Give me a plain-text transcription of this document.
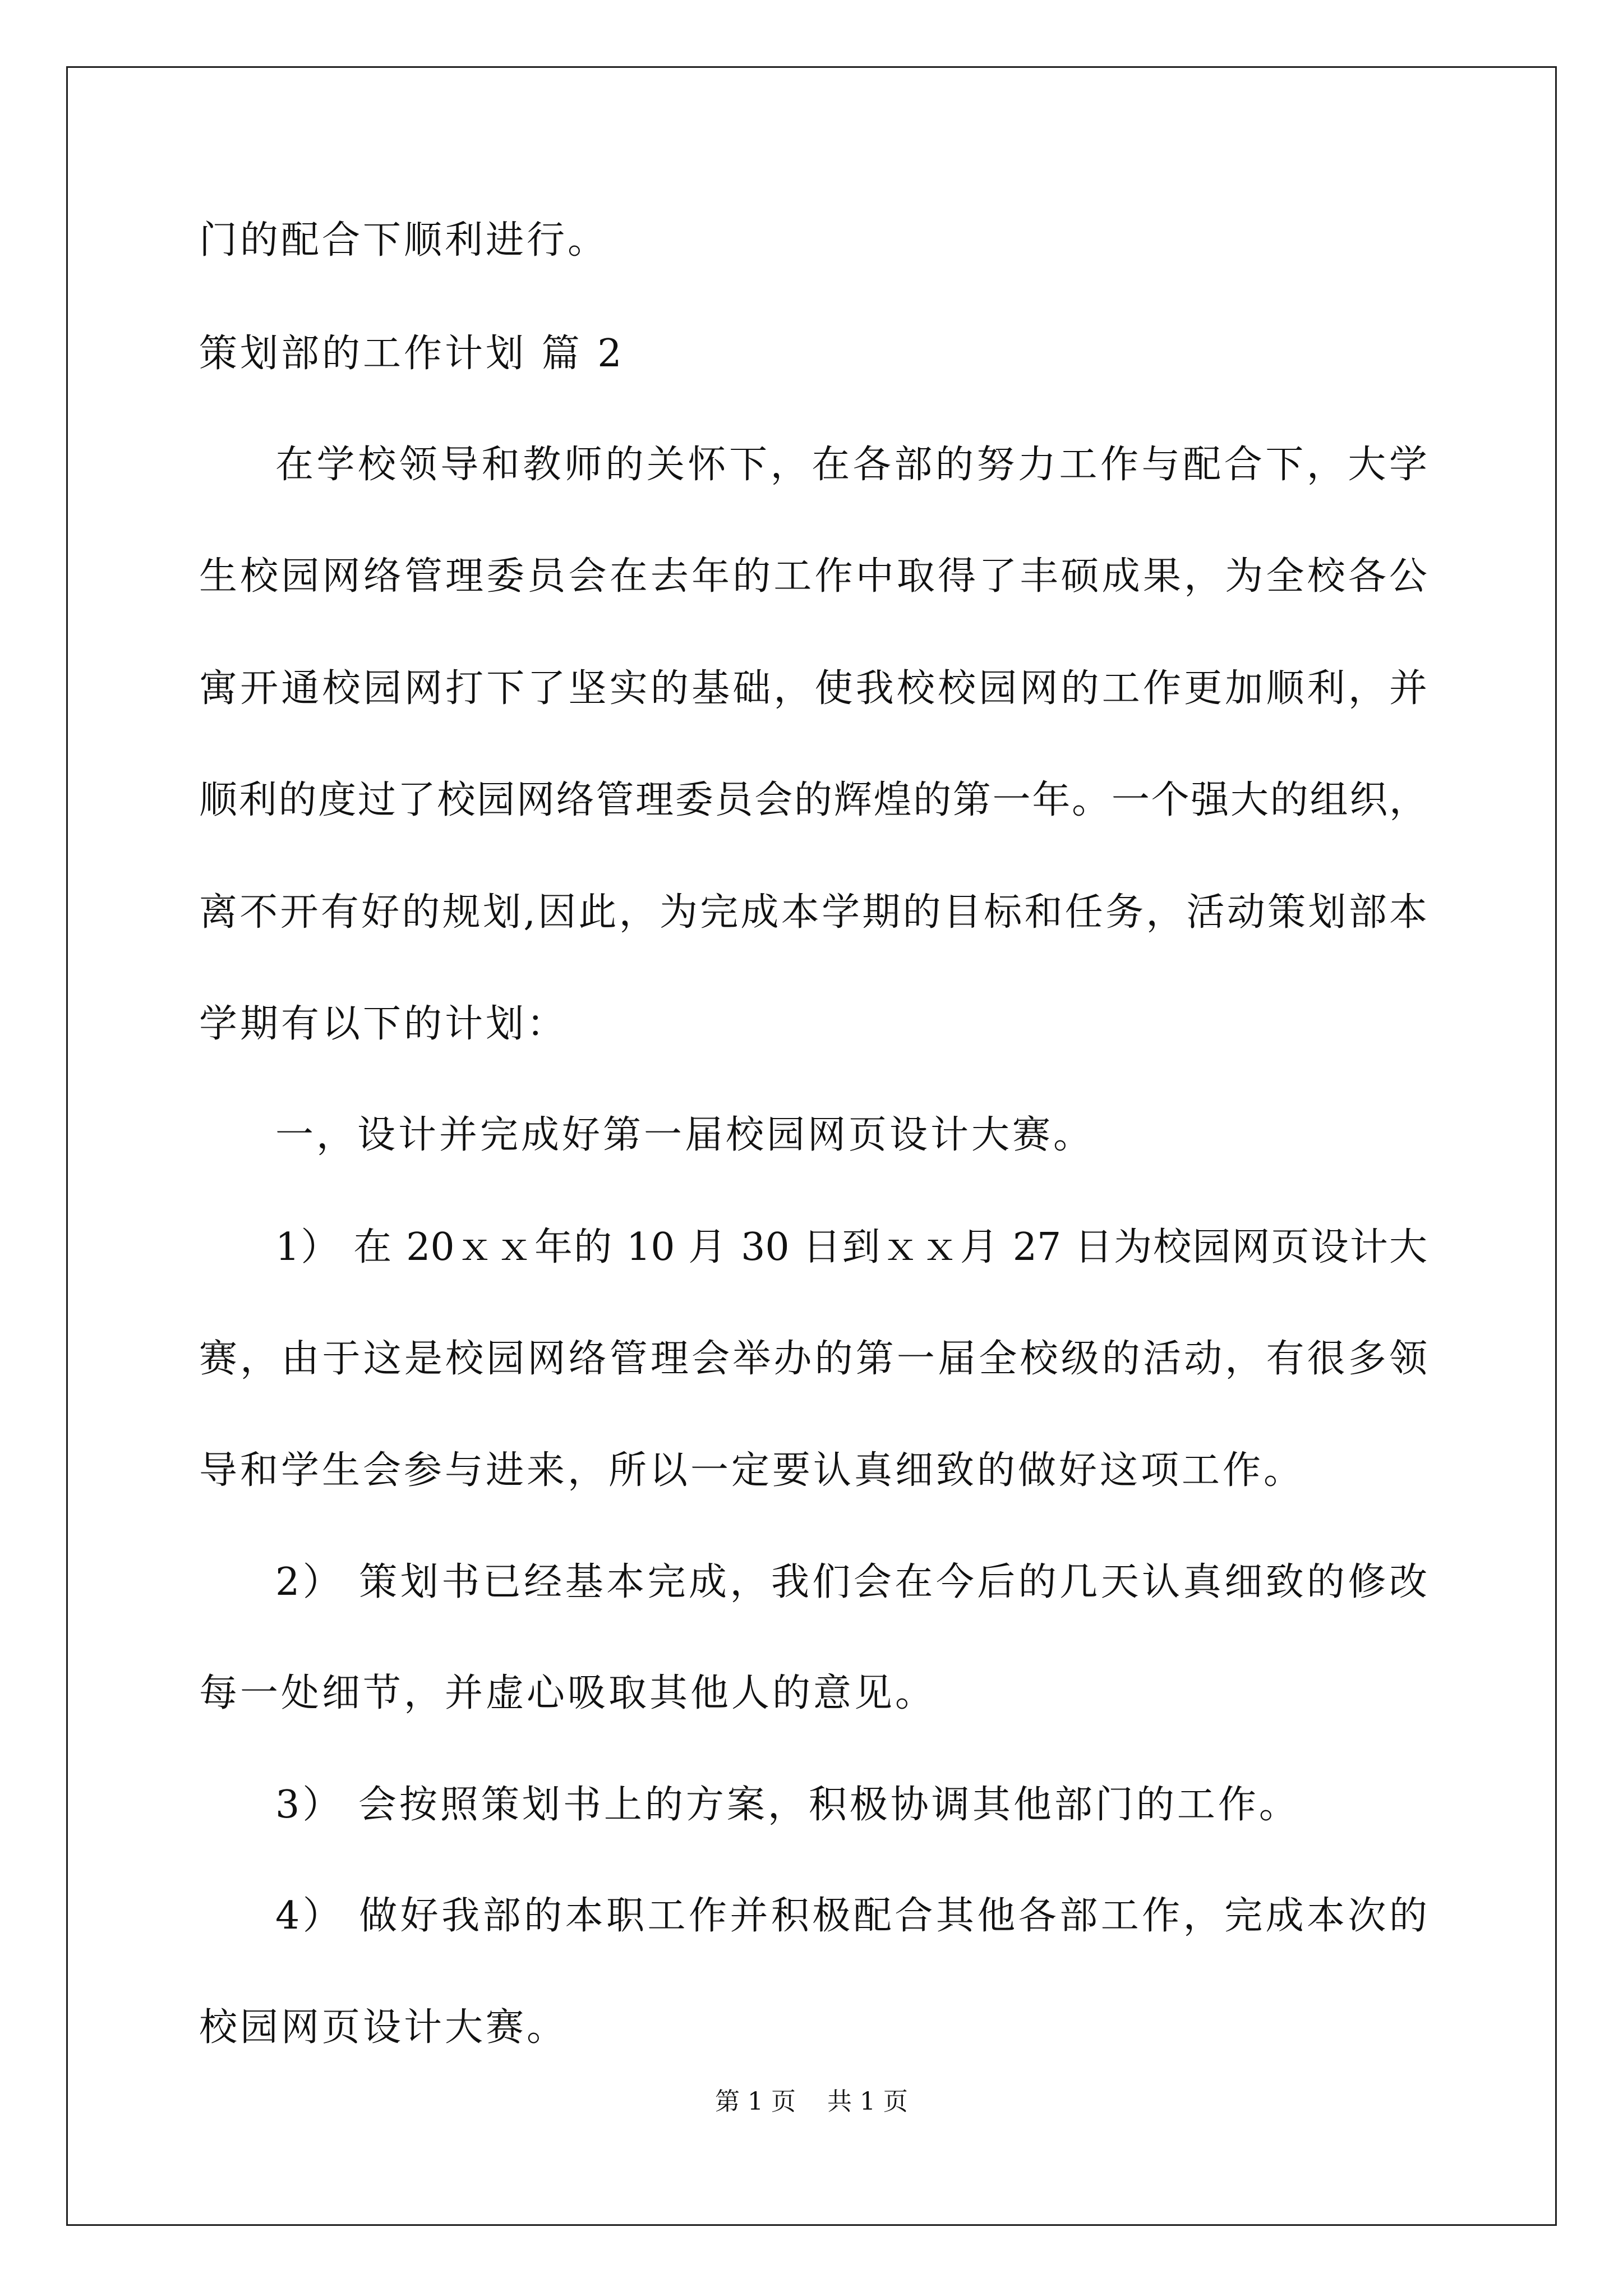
门的配合下顺利进行。
策划部的工作计划 篇 2
在学校领导和教师的关怀下，在各部的努力工作与配合下，大学
生校园网络管理委员会在去年的工作中取得了丰硕成果，为全校各公
寓开通校园网打下了坚实的基础，使我校校园网的工作更加顺利，并
顺利的度过了校园网络管理委员会的辉煌的第一年。一个强大的组织，
离不开有好的规划,因此，为完成本学期的目标和任务，活动策划部本
学期有以下的计划：
一，设计并完成好第一届校园网页设计大赛。
1） 在 20ｘｘ年的 10 月 30 日到ｘｘ月 27 日为校园网页设计大
赛，由于这是校园网络管理会举办的第一届全校级的活动，有很多领
导和学生会参与进来，所以一定要认真细致的做好这项工作。
2） 策划书已经基本完成，我们会在今后的几天认真细致的修改
每一处细节，并虚心吸取其他人的意见。
3） 会按照策划书上的方案，积极协调其他部门的工作。
4） 做好我部的本职工作并积极配合其他各部工作，完成本次的
校园网页设计大赛。
第 1 页    共 1 页
